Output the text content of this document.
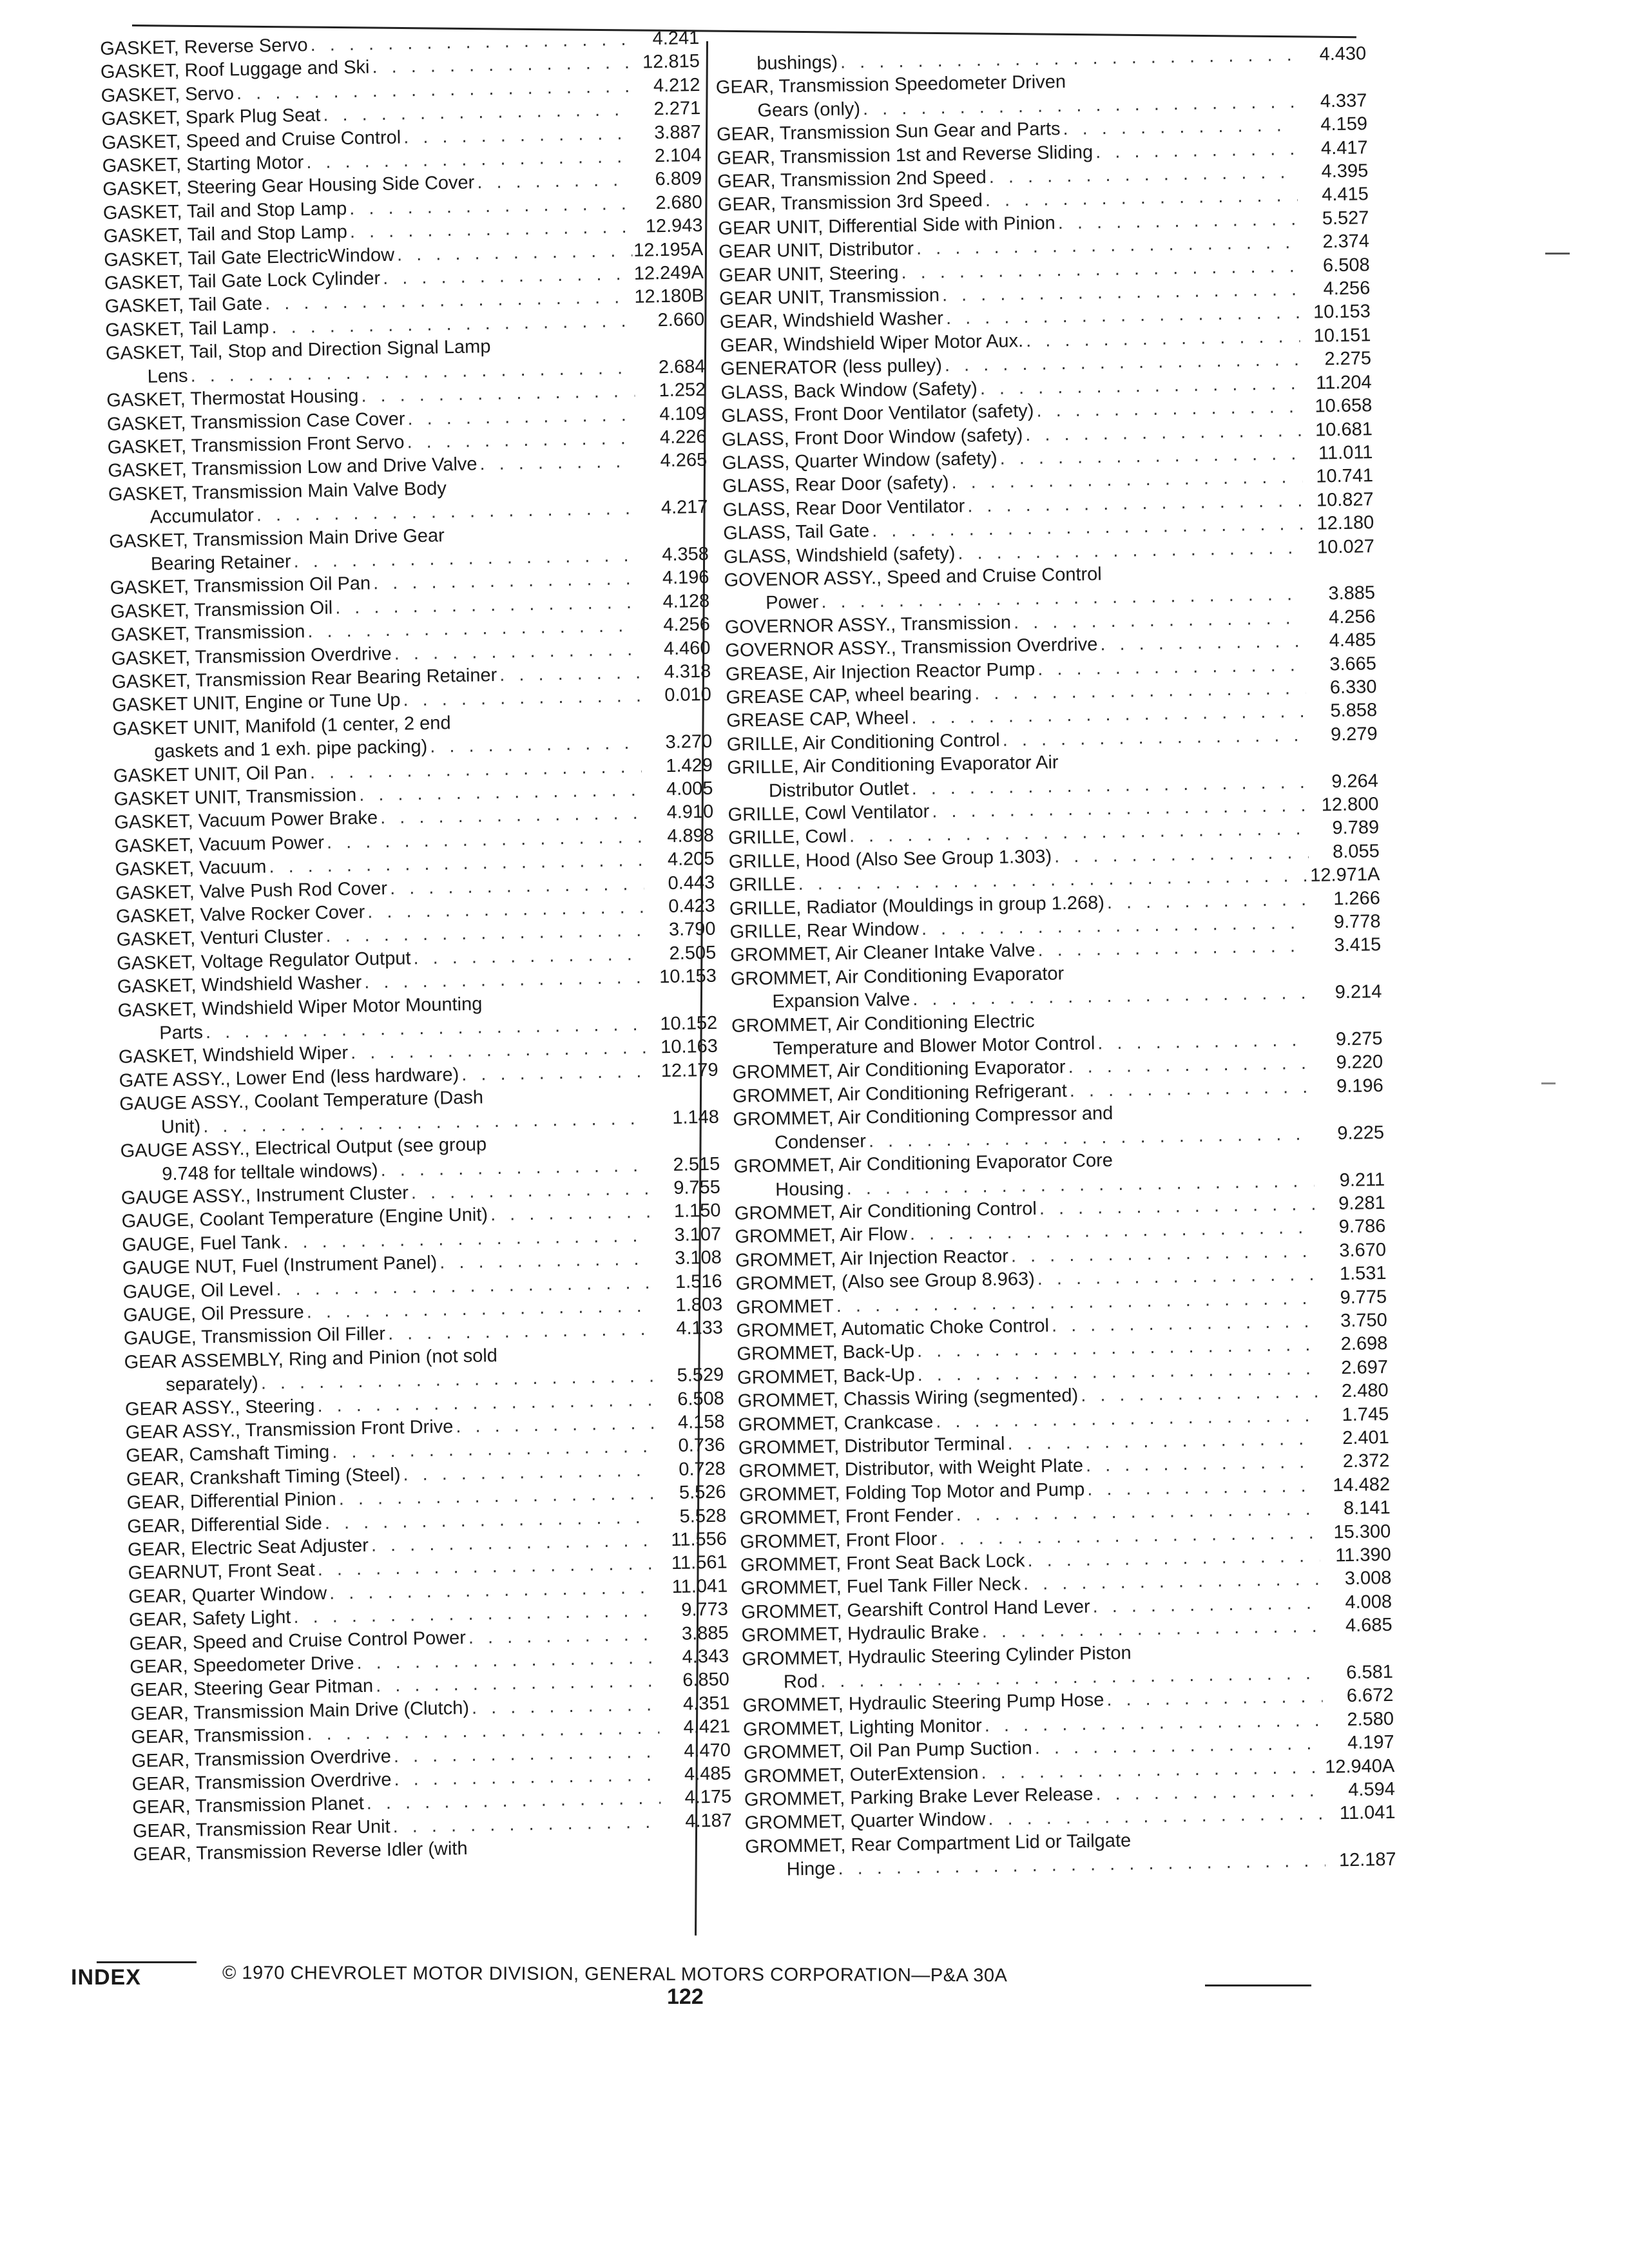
GASKET, Reverse Servo . . .	4.241
GASKET, Roof Luggage and Ski . . .	12.815
GASKET, Servo . . .	4.212
GASKET, Spark Plug Seat . . .	2.271
GASKET, Speed and Cruise Control . . .	3.887
GASKET, Starting Motor . . .	2.104
GASKET, Steering Gear Housing Side Cover . . .	6.809
GASKET, Tail and Stop Lamp . . .	2.680
GASKET, Tail and Stop Lamp . . .	12.943
GASKET, Tail Gate ElectricWindow . . .	12.195A
GASKET, Tail Gate Lock Cylinder . . .	12.249A
GASKET, Tail Gate . . .	12.180B
GASKET, Tail Lamp . . .	2.660
GASKET, Tail, Stop and Direction Signal Lamp
Lens . . .	2.684
GASKET, Thermostat Housing . . .	1.252
GASKET, Transmission Case Cover . . .	4.109
GASKET, Transmission Front Servo . . .	4.226
GASKET, Transmission Low and Drive Valve . . .	4.265
GASKET, Transmission Main Valve Body
Accumulator . . .	4.217
GASKET, Transmission Main Drive Gear
Bearing Retainer . . .	4.358
GASKET, Transmission Oil Pan . . .	4.196
GASKET, Transmission Oil . . .	4.128
GASKET, Transmission . . .	4.256
GASKET, Transmission Overdrive . . .	4.460
GASKET, Transmission Rear Bearing Retainer . . .	4.318
GASKET UNIT, Engine or Tune Up . . .	0.010
GASKET UNIT, Manifold (1 center, 2 end
gaskets and 1 exh. pipe packing) . . .	3.270
GASKET UNIT, Oil Pan . . .	1.429
GASKET UNIT, Transmission . . .	4.005
GASKET, Vacuum Power Brake . . .	4.910
GASKET, Vacuum Power . . .	4.898
GASKET, Vacuum . . .	4.205
GASKET, Valve Push Rod Cover . . .	0.443
GASKET, Valve Rocker Cover . . .	0.423
GASKET, Venturi Cluster . . .	3.790
GASKET, Voltage Regulator Output . . .	2.505
GASKET, Windshield Washer . . .	10.153
GASKET, Windshield Wiper Motor Mounting
Parts . . .	10.152
GASKET, Windshield Wiper . . .	10.163
GATE ASSY., Lower End (less hardware) . . .	12.179
GAUGE ASSY., Coolant Temperature (Dash
Unit) . . .	1.148
GAUGE ASSY., Electrical Output (see group
9.748 for telltale windows) . . .	2.515
GAUGE ASSY., Instrument Cluster . . .	9.755
GAUGE, Coolant Temperature (Engine Unit) . . .	1.150
GAUGE, Fuel Tank . . .	3.107
GAUGE NUT, Fuel (Instrument Panel) . . .	3.108
GAUGE, Oil Level . . .	1.516
GAUGE, Oil Pressure . . .	1.803
GAUGE, Transmission Oil Filler . . .	4.133
GEAR ASSEMBLY, Ring and Pinion (not sold
separately) . . .	5.529
GEAR ASSY., Steering . . .	6.508
GEAR ASSY., Transmission Front Drive . . .	4.158
GEAR, Camshaft Timing . . .	0.736
GEAR, Crankshaft Timing (Steel) . . .	0.728
GEAR, Differential Pinion . . .	5.526
GEAR, Differential Side . . .	5.528
GEAR, Electric Seat Adjuster . . .	11.556
GEARNUT, Front Seat . . .	11.561
GEAR, Quarter Window . . .	11.041
GEAR, Safety Light . . .	9.773
GEAR, Speed and Cruise Control Power . . .	3.885
GEAR, Speedometer Drive . . .	4.343
GEAR, Steering Gear Pitman . . .	6.850
GEAR, Transmission Main Drive (Clutch) . . .	4.351
GEAR, Transmission . . .	4.421
GEAR, Transmission Overdrive . . .	4.470
GEAR, Transmission Overdrive . . .	4.485
GEAR, Transmission Planet . . .	4.175
GEAR, Transmission Rear Unit . . .	4.187
GEAR, Transmission Reverse Idler (with
bushings) . . .	4.430
GEAR, Transmission Speedometer Driven
Gears (only) . . .	4.337
GEAR, Transmission Sun Gear and Parts . . .	4.159
GEAR, Transmission 1st and Reverse Sliding . . .	4.417
GEAR, Transmission 2nd Speed . . .	4.395
GEAR, Transmission 3rd Speed . . .	4.415
GEAR UNIT, Differential Side with Pinion . . .	5.527
GEAR UNIT, Distributor . . .	2.374
GEAR UNIT, Steering . . .	6.508
GEAR UNIT, Transmission . . .	4.256
GEAR, Windshield Washer . . .	10.153
GEAR, Windshield Wiper Motor Aux. . . .	10.151
GENERATOR (less pulley) . . .	2.275
GLASS, Back Window (Safety) . . .	11.204
GLASS, Front Door Ventilator (safety) . . .	10.658
GLASS, Front Door Window (safety) . . .	10.681
GLASS, Quarter Window (safety) . . .	11.011
GLASS, Rear Door (safety) . . .	10.741
GLASS, Rear Door Ventilator . . .	10.827
GLASS, Tail Gate . . .	12.180
GLASS, Windshield (safety) . . .	10.027
GOVENOR ASSY., Speed and Cruise Control
Power . . .	3.885
GOVERNOR ASSY., Transmission . . .	4.256
GOVERNOR ASSY., Transmission Overdrive . . .	4.485
GREASE, Air Injection Reactor Pump . . .	3.665
GREASE CAP, wheel bearing . . .	6.330
GREASE CAP, Wheel . . .	5.858
GRILLE, Air Conditioning Control . . .	9.279
GRILLE, Air Conditioning Evaporator Air
Distributor Outlet . . .	9.264
GRILLE, Cowl Ventilator . . .	12.800
GRILLE, Cowl . . .	9.789
GRILLE, Hood (Also See Group 1.303) . . .	8.055
GRILLE . . .	12.971A
GRILLE, Radiator (Mouldings in group 1.268) . . .	1.266
GRILLE, Rear Window . . .	9.778
GROMMET, Air Cleaner Intake Valve . . .	3.415
GROMMET, Air Conditioning Evaporator
Expansion Valve . . .	9.214
GROMMET, Air Conditioning Electric
Temperature and Blower Motor Control . . .	9.275
GROMMET, Air Conditioning Evaporator . . .	9.220
GROMMET, Air Conditioning Refrigerant . . .	9.196
GROMMET, Air Conditioning Compressor and
Condenser . . .	9.225
GROMMET, Air Conditioning Evaporator Core
Housing . . .	9.211
GROMMET, Air Conditioning Control . . .	9.281
GROMMET, Air Flow . . .	9.786
GROMMET, Air Injection Reactor . . .	3.670
GROMMET, (Also see Group 8.963) . . .	1.531
GROMMET . . .	9.775
GROMMET, Automatic Choke Control . . .	3.750
GROMMET, Back-Up . . .	2.698
GROMMET, Back-Up . . .	2.697
GROMMET, Chassis Wiring (segmented) . . .	2.480
GROMMET, Crankcase . . .	1.745
GROMMET, Distributor Terminal . . .	2.401
GROMMET, Distributor, with Weight Plate . . .	2.372
GROMMET, Folding Top Motor and Pump . . .	14.482
GROMMET, Front Fender . . .	8.141
GROMMET, Front Floor . . .	15.300
GROMMET, Front Seat Back Lock . . .	11.390
GROMMET, Fuel Tank Filler Neck . . .	3.008
GROMMET, Gearshift Control Hand Lever . . .	4.008
GROMMET, Hydraulic Brake . . .	4.685
GROMMET, Hydraulic Steering Cylinder Piston
Rod . . .	6.581
GROMMET, Hydraulic Steering Pump Hose . . .	6.672
GROMMET, Lighting Monitor . . .	2.580
GROMMET, Oil Pan Pump Suction . . .	4.197
GROMMET, OuterExtension . . .	12.940A
GROMMET, Parking Brake Lever Release . . .	4.594
GROMMET, Quarter Window . . .	11.041
GROMMET, Rear Compartment Lid or Tailgate
Hinge . . .	12.187
INDEX	© 1970 CHEVROLET MOTOR DIVISION, GENERAL MOTORS CORPORATION—P&A 30A
122
